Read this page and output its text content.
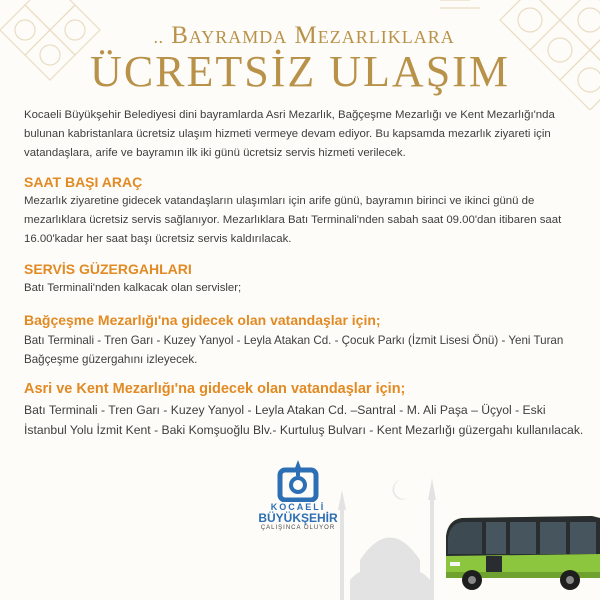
.. Bayramda Mezarlıklara
ÜCRETSİZ ULAŞIM

Kocaeli Büyükşehir Belediyesi dini bayramlarda Asri Mezarlık, Bağçeşme Mezarlığı ve Kent Mezarlığı'nda bulunan kabristanlara ücretsiz ulaşım hizmeti vermeye devam ediyor. Bu kapsamda mezarlık ziyareti için vatandaşlara, arife ve bayramın ilk iki günü ücretsiz servis hizmeti verilecek.

SAAT BAŞI ARAÇ

Mezarlık ziyaretine gidecek vatandaşların ulaşımları için arife günü, bayramın birinci ve ikinci günü de mezarlıklara ücretsiz servis sağlanıyor. Mezarlıklara Batı Terminali'nden sabah saat 09.00'dan itibaren saat 16.00'kadar her saat başı ücretsiz servis kaldırılacak.

SERVİS GÜZERGAHLARI

Batı Terminali'nden kalkacak olan servisler;

Bağçeşme Mezarlığı'na gidecek olan vatandaşlar için;

Batı Terminali - Tren Garı - Kuzey Yanyol - Leyla Atakan Cd. - Çocuk Parkı (İzmit Lisesi Önü) - Yeni Turan Bağçeşme güzergahını izleyecek.

Asri ve Kent Mezarlığı'na gidecek olan vatandaşlar için;

Batı Terminali - Tren Garı - Kuzey Yanyol - Leyla Atakan Cd. –Santral - M. Ali Paşa – Üçyol - Eski İstanbul Yolu İzmit Kent - Baki Komşuoğlu Blv.- Kurtuluş Bulvarı - Kent Mezarlığı güzergahı kullanılacak.

KOCAELİ
BÜYÜKŞEHİR
ÇALIŞINCA OLUYOR
